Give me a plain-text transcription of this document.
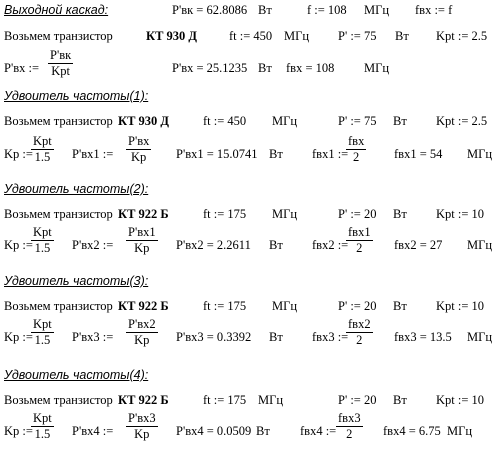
Выходной каскад:	P'вк = 62.8086 Вт	f := 108 МГц fвх := f
Возьмем транзистор	КТ 930 Д	ft := 450 МГц P' := 75 Вт Kpt := 2.5
P'вх :=
P'вк
Kpt	P'вх = 25.1235 Вт fвх = 108 МГц
Удвоитель частоты(1):
Возьмем транзистор КТ 930 Д	ft := 450 МГц	P' := 75 Вт Kpt := 2.5
Kp :=
Kpt
1.5 P'вх1 :=
P'вх
Kp P'вх1 = 15.0741 Вт fвх1 :=
fвх
2	fвх1 = 54 МГц
Удвоитель частоты(2):
Возьмем транзистор КТ 922 Б	ft := 175 МГц	P' := 20 Вт Kpt := 10
Kp :=
Kpt
1.5 P'вх2 :=
P'вх1
Kp P'вх2 = 2.2611 Вт fвх2 :=
fвх1
2	fвх2 = 27 МГц
Удвоитель частоты(3):
Возьмем транзистор КТ 922 Б	ft := 175 МГц	P' := 20 Вт Kpt := 10
Kp :=
Kpt
1.5 P'вх3 :=
P'вх2
Kp P'вх3 = 0.3392 Вт fвх3 :=
fвх2
2	fвх3 = 13.5 МГц
Удвоитель частоты(4):
Возьмем транзистор КТ 922 Б	ft := 175 МГц	P' := 20 Вт Kpt := 10
Kp :=
Kpt
1.5 P'вх4 :=
P'вх3
Kp P'вх4 = 0.0509 Вт fвх4 :=
fвх3
2 fвх4 = 6.75 МГц
